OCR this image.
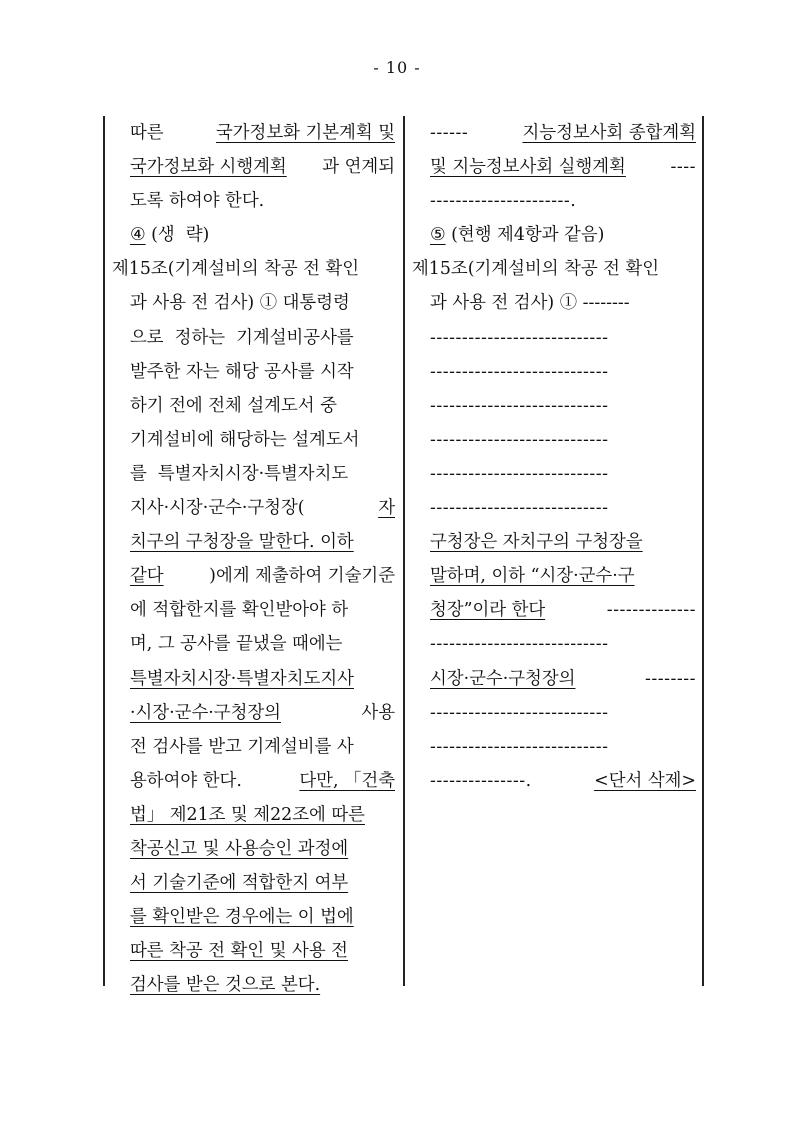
- 10 -
따른	국가정보화 기본계획 및
국가정보화 시행계획 과 연계되
도록 하여야 한다.
④ (생  략)
제15조(기계설비의 착공 전 확인
과 사용 전 검사) ① 대통령령
으로  정하는  기계설비공사를
발주한 자는 해당 공사를 시작
하기 전에 전체 설계도서 중
기계설비에 해당하는 설계도서
를  특별자치시장·특별자치도
지사·시장·군수·구청장(	자
치구의 구청장을 말한다. 이하
같다	)에게 제출하여 기술기준
에 적합한지를 확인받아야 하
며, 그 공사를 끝냈을 때에는
특별자치시장·특별자치도지사
·시장·군수·구청장의	사용
전 검사를 받고 기계설비를 사
용하여야 한다.	다만, 「건축
법」 제21조 및 제22조에 따른
착공신고 및 사용승인 과정에
서 기술기준에 적합한지 여부
를 확인받은 경우에는 이 법에
따른 착공 전 확인 및 사용 전
검사를 받은 것으로 본다.
------	지능정보사회 종합계획
및 지능정보사회 실행계획	----
----------------------.
⑤ (현행 제4항과 같음)
제15조(기계설비의 착공 전 확인
과 사용 전 검사) ① --------
----------------------------
----------------------------
----------------------------
----------------------------
----------------------------
----------------------------
구청장은 자치구의 구청장을
말하며, 이하 “시장·군수·구
청장”이라 한다	--------------
----------------------------
시장·군수·구청장의	--------
----------------------------
----------------------------
---------------.	<단서 삭제>
